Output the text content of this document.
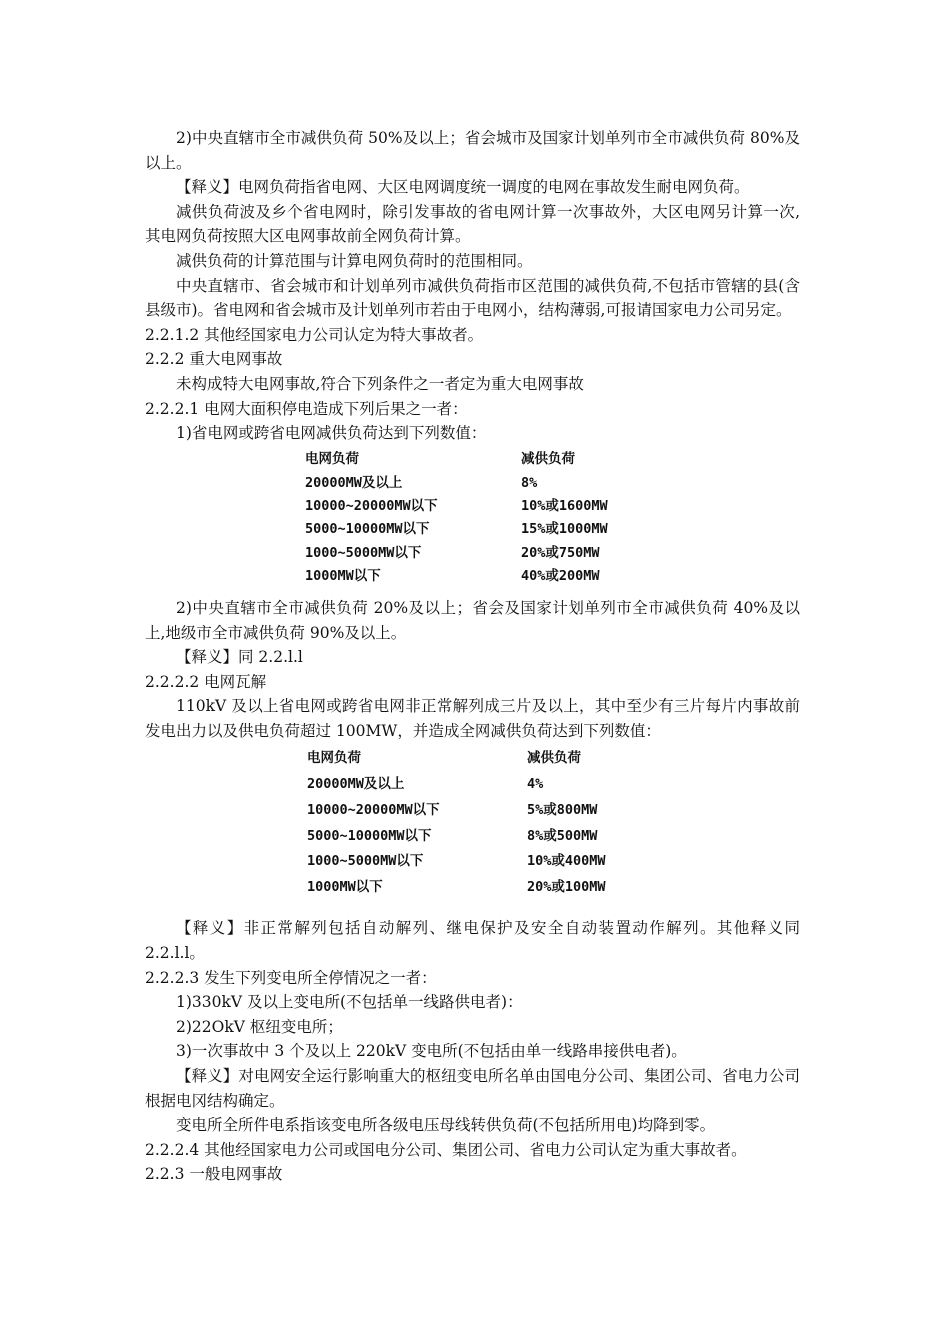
2)中央直辖市全市减供负荷 50%及以上；省会城市及国家计划单列市全市减供负荷 80%及以上。

【释义】电网负荷指省电网、大区电网调度统一调度的电网在事故发生耐电网负荷。

减供负荷波及乡个省电网时，除引发事故的省电网计算一次事故外，大区电网另计算一次,其电网负荷按照大区电网事故前全网负荷计算。

减供负荷的计算范围与计算电网负荷时的范围相同。

中央直辖市、省会城市和计划单列市减供负荷指市区范围的减供负荷,不包括市管辖的县(含县级市)。省电网和省会城市及计划单列市若由于电网小，结构薄弱,可报请国家电力公司另定。

2.2.1.2 其他经国家电力公司认定为特大事故者。

2.2.2 重大电网事故

未构成特大电网事故,符合下列条件之一者定为重大电网事故

2.2.2.1 电网大面积停电造成下列后果之一者：

1)省电网或跨省电网减供负荷达到下列数值：

电网负荷	减供负荷
20000MW及以上	8%
10000~20000MW以下	10%或1600MW
5000~10000MW以下	15%或1000MW
1000~5000MW以下	20%或750MW
1000MW以下	40%或200MW

2)中央直辖市全市减供负荷 20%及以上；省会及国家计划单列市全市减供负荷 40%及以上,地级市全市减供负荷 90%及以上。

【释义】同 2.2.l.l

2.2.2.2 电网瓦解

110kV 及以上省电网或跨省电网非正常解列成三片及以上，其中至少有三片每片内事故前发电出力以及供电负荷超过 100MW，并造成全网减供负荷达到下列数值：

电网负荷	减供负荷
20000MW及以上	4%
10000~20000MW以下	5%或800MW
5000~10000MW以下	8%或500MW
1000~5000MW以下	10%或400MW
1000MW以下	20%或100MW

【释义】非正常解列包括自动解列、继电保护及安全自动装置动作解列。其他释义同 2.2.l.l。

2.2.2.3 发生下列变电所全停情况之一者：

1)330kV 及以上变电所(不包括单一线路供电者)：

2)22OkV 枢纽变电所；

3)一次事故中 3 个及以上 220kV 变电所(不包括由单一线路串接供电者)。

【释义】对电网安全运行影响重大的枢纽变电所名单由国电分公司、集团公司、省电力公司根据电冈结构确定。

变电所全所件电系指该变电所各级电压母线转供负荷(不包括所用电)均降到零。

2.2.2.4 其他经国家电力公司或国电分公司、集团公司、省电力公司认定为重大事故者。

2.2.3 一般电网事故
